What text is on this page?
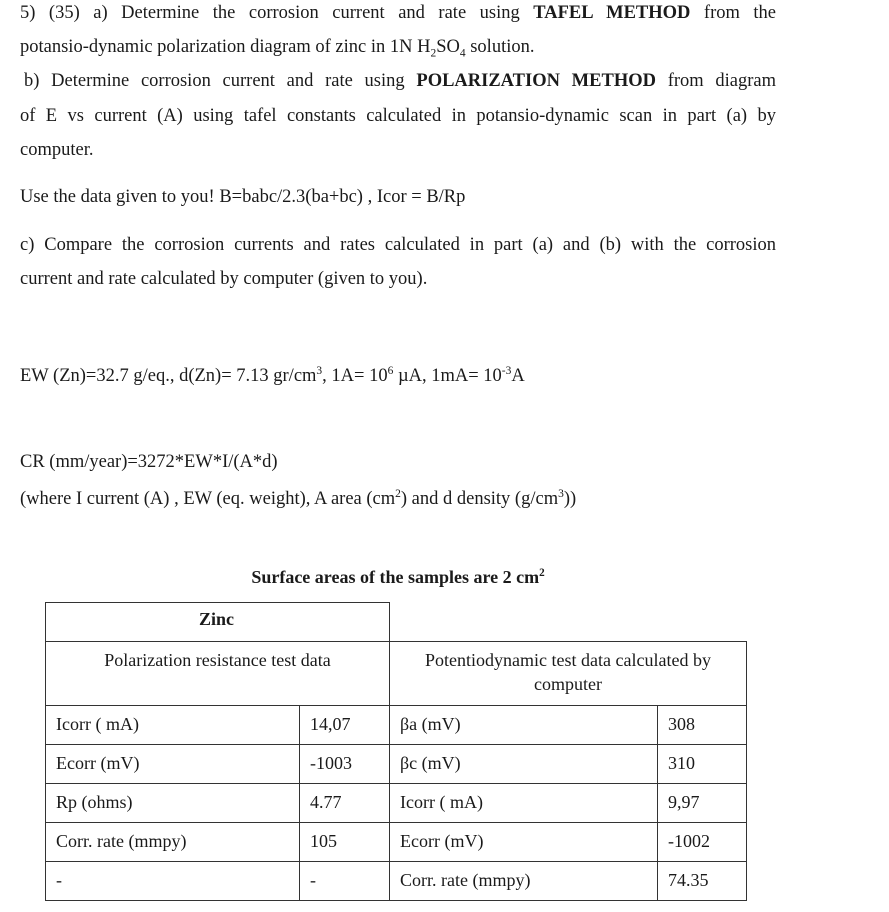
5) (35) a) Determine the corrosion current and rate using TAFEL METHOD from the
potansio-dynamic polarization diagram of zinc in 1N $H_2SO_4$ solution.
b) Determine corrosion current and rate using POLARIZATION METHOD from diagram
of E vs current (A) using tafel constants calculated in potansio-dynamic scan in part (a) by
computer.
Use the data given to you! B=babc/2.3(ba+bc) , Icor = B/Rp
c) Compare the corrosion currents and rates calculated in part (a) and (b) with the corrosion
current and rate calculated by computer (given to you).
EW (Zn)=32.7 g/eq., d(Zn)= 7.13 $gr/cm^3$, $1A= 10^6$ µA, $1mA= 10^{-3}A$
CR (mm/year)=3272*EW*I/(A*d)
(where I current (A) , EW (eq. weight), A area $(cm^2)$ and d density $(g/cm^3)$)
Surface areas of the samples are 2 $cm^2$
Zinc
Polarization resistance test data	Potentiodynamic test data calculated by
computer
Icorr ( mA)	14,07	βa (mV)	308
Ecorr (mV)	-1003	βc (mV)	310
Rp (ohms)	4.77	Icorr ( mA)	9,97
Corr. rate (mmpy)	105	Ecorr (mV)	-1002
-	-	Corr. rate (mmpy)	74.35
